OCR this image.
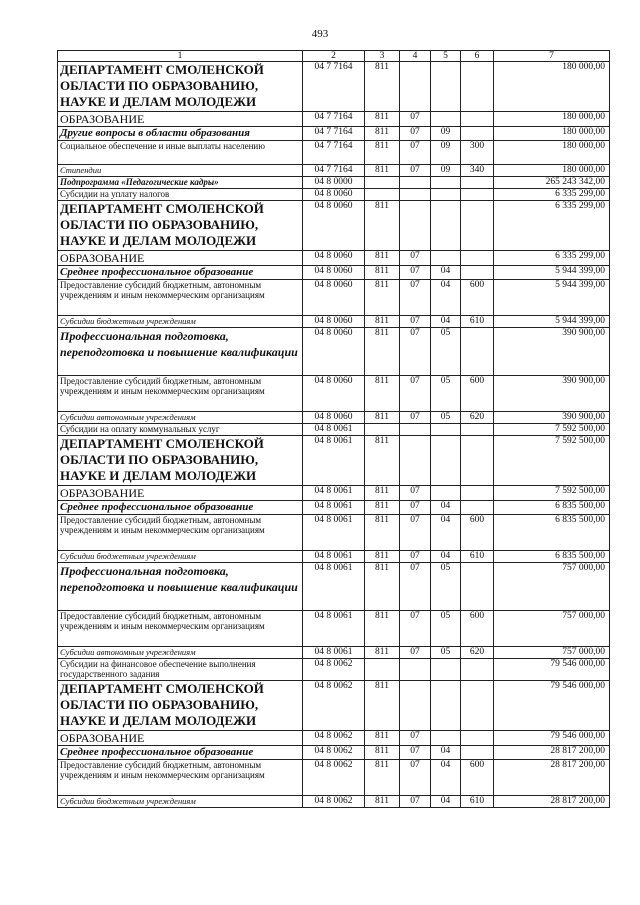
493
1	2	3	4	5	6	7
ДЕПАРТАМЕНТ СМОЛЕНСКОЙ ОБЛАСТИ ПО ОБРАЗОВАНИЮ, НАУКЕ И ДЕЛАМ МОЛОДЕЖИ	04 7 7164	811				180 000,00
ОБРАЗОВАНИЕ	04 7 7164	811	07			180 000,00
Другие вопросы в области образования	04 7 7164	811	07	09		180 000,00
Социальное обеспечение и иные выплаты населению	04 7 7164	811	07	09	300	180 000,00
Стипендии	04 7 7164	811	07	09	340	180 000,00
Подпрограмма «Педагогические кадры»	04 8 0000					265 243 342,00
Субсидии на уплату налогов	04 8 0060					6 335 299,00
ДЕПАРТАМЕНТ СМОЛЕНСКОЙ ОБЛАСТИ ПО ОБРАЗОВАНИЮ, НАУКЕ И ДЕЛАМ МОЛОДЕЖИ	04 8 0060	811				6 335 299,00
ОБРАЗОВАНИЕ	04 8 0060	811	07			6 335 299,00
Среднее профессиональное образование	04 8 0060	811	07	04		5 944 399,00
Предоставление субсидий бюджетным, автономным учреждениям и иным некоммерческим организациям	04 8 0060	811	07	04	600	5 944 399,00
Субсидии бюджетным учреждениям	04 8 0060	811	07	04	610	5 944 399,00
Профессиональная подготовка, переподготовка и повышение квалификации	04 8 0060	811	07	05		390 900,00
Предоставление субсидий бюджетным, автономным учреждениям и иным некоммерческим организациям	04 8 0060	811	07	05	600	390 900,00
Субсидии автономным учреждениям	04 8 0060	811	07	05	620	390 900,00
Субсидии на оплату коммунальных услуг	04 8 0061					7 592 500,00
ДЕПАРТАМЕНТ СМОЛЕНСКОЙ ОБЛАСТИ ПО ОБРАЗОВАНИЮ, НАУКЕ И ДЕЛАМ МОЛОДЕЖИ	04 8 0061	811				7 592 500,00
ОБРАЗОВАНИЕ	04 8 0061	811	07			7 592 500,00
Среднее профессиональное образование	04 8 0061	811	07	04		6 835 500,00
Предоставление субсидий бюджетным, автономным учреждениям и иным некоммерческим организациям	04 8 0061	811	07	04	600	6 835 500,00
Субсидии бюджетным учреждениям	04 8 0061	811	07	04	610	6 835 500,00
Профессиональная подготовка, переподготовка и повышение квалификации	04 8 0061	811	07	05		757 000,00
Предоставление субсидий бюджетным, автономным учреждениям и иным некоммерческим организациям	04 8 0061	811	07	05	600	757 000,00
Субсидии автономным учреждениям	04 8 0061	811	07	05	620	757 000,00
Субсидии на финансовое обеспечение выполнения государственного задания	04 8 0062					79 546 000,00
ДЕПАРТАМЕНТ СМОЛЕНСКОЙ ОБЛАСТИ ПО ОБРАЗОВАНИЮ, НАУКЕ И ДЕЛАМ МОЛОДЕЖИ	04 8 0062	811				79 546 000,00
ОБРАЗОВАНИЕ	04 8 0062	811	07			79 546 000,00
Среднее профессиональное образование	04 8 0062	811	07	04		28 817 200,00
Предоставление субсидий бюджетным, автономным учреждениям и иным некоммерческим организациям	04 8 0062	811	07	04	600	28 817 200,00
Субсидии бюджетным учреждениям	04 8 0062	811	07	04	610	28 817 200,00
